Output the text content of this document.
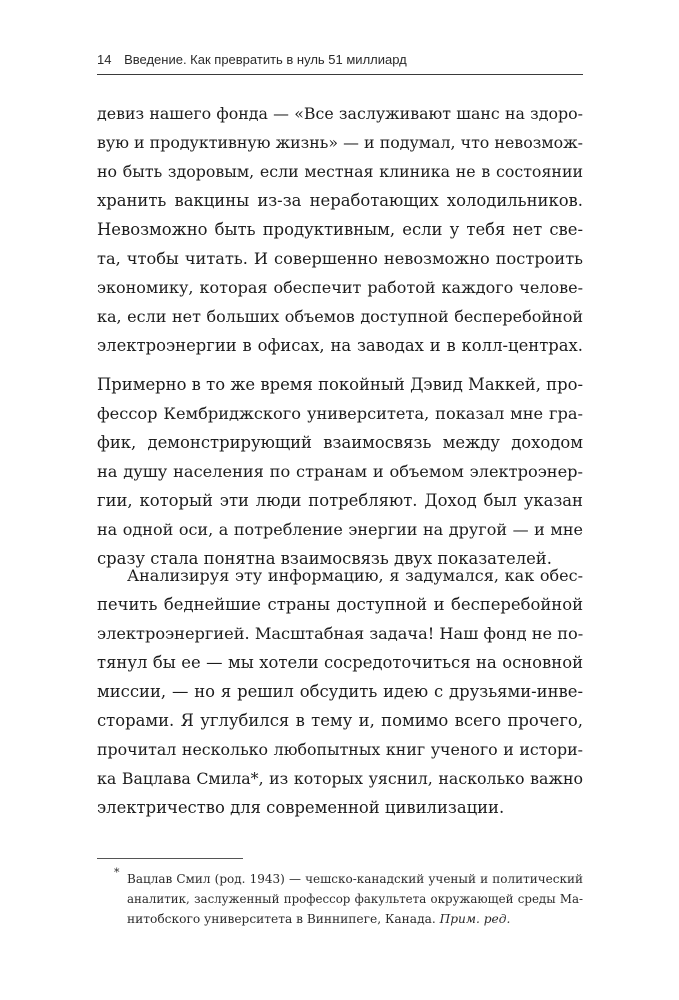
14 Введение. Как превратить в нуль 51 миллиард
девиз нашего фонда — «Все заслуживают шанс на здоро-
вую и продуктивную жизнь» — и подумал, что невозмож-
но быть здоровым, если местная клиника не в состоянии
хранить вакцины из-за неработающих холодильников.
Невозможно быть продуктивным, если у тебя нет све-
та, чтобы читать. И совершенно невозможно построить
экономику, которая обеспечит работой каждого челове-
ка, если нет больших объемов доступной бесперебойной
электроэнергии в офисах, на заводах и в колл-центрах.
Примерно в то же время покойный Дэвид Маккей, про-
фессор Кембриджского университета, показал мне гра-
фик, демонстрирующий взаимосвязь между доходом
на душу населения по странам и объемом электроэнер-
гии, который эти люди потребляют. Доход был указан
на одной оси, а потребление энергии на другой — и мне
сразу стала понятна взаимосвязь двух показателей.
Анализируя эту информацию, я задумался, как обес-
печить беднейшие страны доступной и бесперебойной
электроэнергией. Масштабная задача! Наш фонд не по-
тянул бы ее — мы хотели сосредоточиться на основной
миссии, — но я решил обсудить идею с друзьями-инве-
сторами. Я углубился в тему и, помимо всего прочего,
прочитал несколько любопытных книг ученого и истори-
ка Вацлава Смила*, из которых уяснил, насколько важно
электричество для современной цивилизации.
* Вацлав Смил (род. 1943) — чешско-канадский ученый и политический
аналитик, заслуженный профессор факультета окружающей среды Ма-
нитобского университета в Виннипеге, Канада. Прим. ред.
